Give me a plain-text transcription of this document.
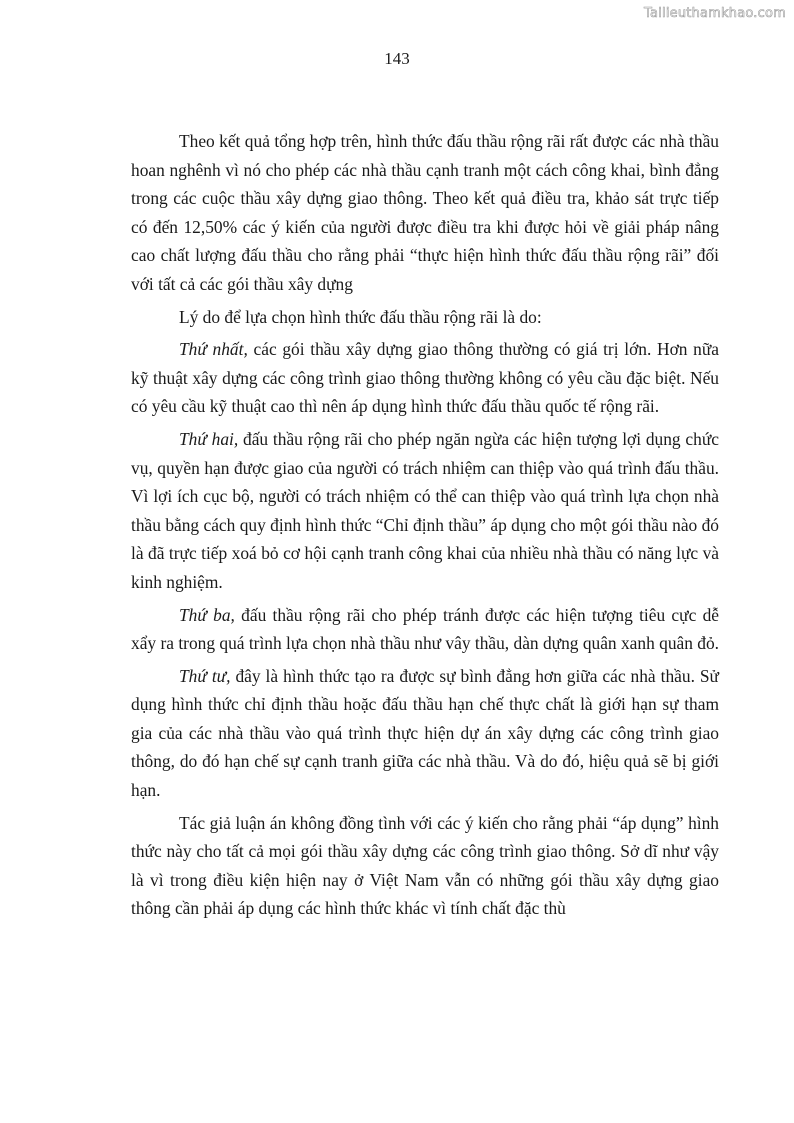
Tailieuthamkhao.com
143

Theo kết quả tổng hợp trên, hình thức đấu thầu rộng rãi rất được các nhà thầu hoan nghênh vì nó cho phép các nhà thầu cạnh tranh một cách công khai, bình đẳng trong các cuộc thầu xây dựng giao thông. Theo kết quả điều tra, khảo sát trực tiếp có đến 12,50% các ý kiến của người được điều tra khi được hỏi về giải pháp nâng cao chất lượng đấu thầu cho rằng phải “thực hiện hình thức đấu thầu rộng rãi” đối với tất cả các gói thầu xây dựng

Lý do để lựa chọn hình thức đấu thầu rộng rãi là do:

Thứ nhất, các gói thầu xây dựng giao thông thường có giá trị lớn. Hơn nữa kỹ thuật xây dựng các công trình giao thông thường không có yêu cầu đặc biệt. Nếu có yêu cầu kỹ thuật cao thì nên áp dụng hình thức đấu thầu quốc tế rộng rãi.

Thứ hai, đấu thầu rộng rãi cho phép ngăn ngừa các hiện tượng lợi dụng chức vụ, quyền hạn được giao của người có trách nhiệm can thiệp vào quá trình đấu thầu. Vì lợi ích cục bộ, người có trách nhiệm có thể can thiệp vào quá trình lựa chọn nhà thầu bằng cách quy định hình thức “Chỉ định thầu” áp dụng cho một gói thầu nào đó là đã trực tiếp xoá bỏ cơ hội cạnh tranh công khai của nhiều nhà thầu có năng lực và kinh nghiệm.

Thứ ba, đấu thầu rộng rãi cho phép tránh được các hiện tượng tiêu cực dễ xẩy ra trong quá trình lựa chọn nhà thầu như vây thầu, dàn dựng quân xanh quân đỏ.

Thứ tư, đây là hình thức tạo ra được sự bình đẳng hơn giữa các nhà thầu. Sử dụng hình thức chỉ định thầu hoặc đấu thầu hạn chế thực chất là giới hạn sự tham gia của các nhà thầu vào quá trình thực hiện dự án xây dựng các công trình giao thông, do đó hạn chế sự cạnh tranh giữa các nhà thầu. Và do đó, hiệu quả sẽ bị giới hạn.

Tác giả luận án không đồng tình với các ý kiến cho rằng phải “áp dụng” hình thức này cho tất cả mọi gói thầu xây dựng các công trình giao thông. Sở dĩ như vậy là vì trong điều kiện hiện nay ở Việt Nam vẫn có những gói thầu xây dựng giao thông cần phải áp dụng các hình thức khác vì tính chất đặc thù
